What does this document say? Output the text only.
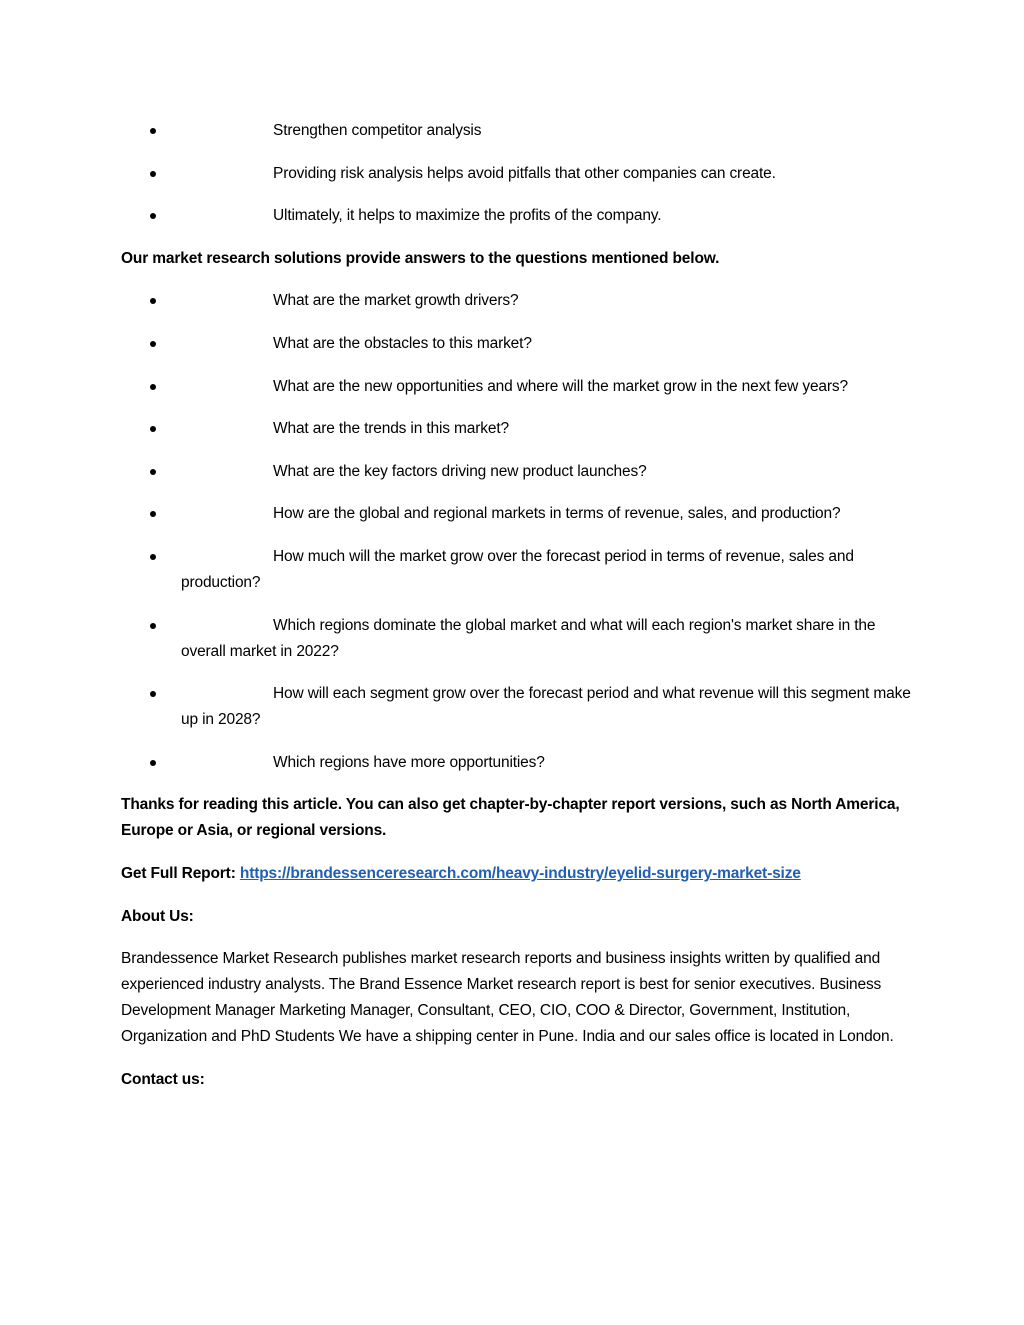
Strengthen competitor analysis
Providing risk analysis helps avoid pitfalls that other companies can create.
Ultimately, it helps to maximize the profits of the company.

Our market research solutions provide answers to the questions mentioned below.

What are the market growth drivers?
What are the obstacles to this market?
What are the new opportunities and where will the market grow in the next few years?
What are the trends in this market?
What are the key factors driving new product launches?
How are the global and regional markets in terms of revenue, sales, and production?
How much will the market grow over the forecast period in terms of revenue, sales and production?
Which regions dominate the global market and what will each region's market share in the overall market in 2022?
How will each segment grow over the forecast period and what revenue will this segment make up in 2028?
Which regions have more opportunities?

Thanks for reading this article. You can also get chapter-by-chapter report versions, such as North America, Europe or Asia, or regional versions.

Get Full Report: https://brandessenceresearch.com/heavy-industry/eyelid-surgery-market-size

About Us:

Brandessence Market Research publishes market research reports and business insights written by qualified and experienced industry analysts. The Brand Essence Market research report is best for senior executives. Business Development Manager Marketing Manager, Consultant, CEO, CIO, COO & Director, Government, Institution, Organization and PhD Students We have a shipping center in Pune. India and our sales office is located in London.

Contact us:
